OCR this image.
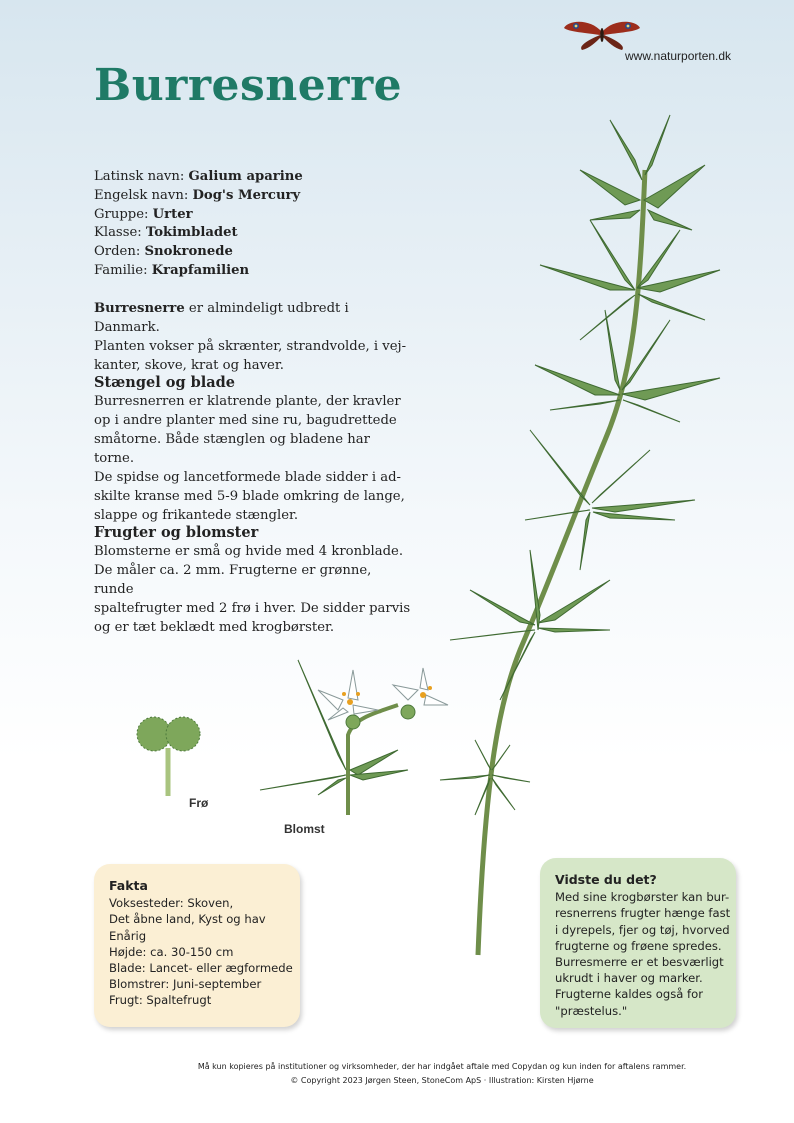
www.naturporten.dk
Burresnerre
Latinsk navn: Galium aparine
Engelsk navn: Dog's Mercury
Gruppe: Urter
Klasse: Tokimbladet
Orden: Snokronede
Familie: Krapfamilien

Burresnerre er almindeligt udbredt i Danmark.

Planten vokser på skrænter, strandvolde, i vej-

kanter, skove, krat og haver.

Stængel og blade

Burresnerren er klatrende plante, der kravler

op i andre planter med sine ru, bagudrettede

småtorne. Både stænglen og bladene har torne.

De spidse og lancetformede blade sidder i ad-

skilte kranse med 5-9 blade omkring de lange,

slappe og frikantede stængler.

Frugter og blomster

Blomsterne er små og hvide med 4 kronblade.

De måler ca. 2 mm. Frugterne er grønne, runde

spaltefrugter med 2 frø i hver. De sidder parvis

og er tæt beklædt med krogbørster.

Frø
Blomst
Fakta
Voksesteder: Skoven,
Det åbne land, Kyst og hav
Enårig
Højde: ca. 30-150 cm
Blade: Lancet- eller ægformede
Blomstrer: Juni-september
Frugt: Spaltefrugt
Vidste du det?
Med sine krogbørster kan bur-
resnerrens frugter hænge fast
i dyrepels, fjer og tøj, hvorved
frugterne og frøene spredes.
Burresmerre er et besværligt
ukrudt i haver og marker.
Frugterne kaldes også for
"præstelus."
Må kun kopieres på institutioner og virksomheder, der har indgået aftale med Copydan og kun inden for aftalens rammer.
© Copyright 2023 Jørgen Steen, StoneCom ApS · Illustration: Kirsten Hjørne
